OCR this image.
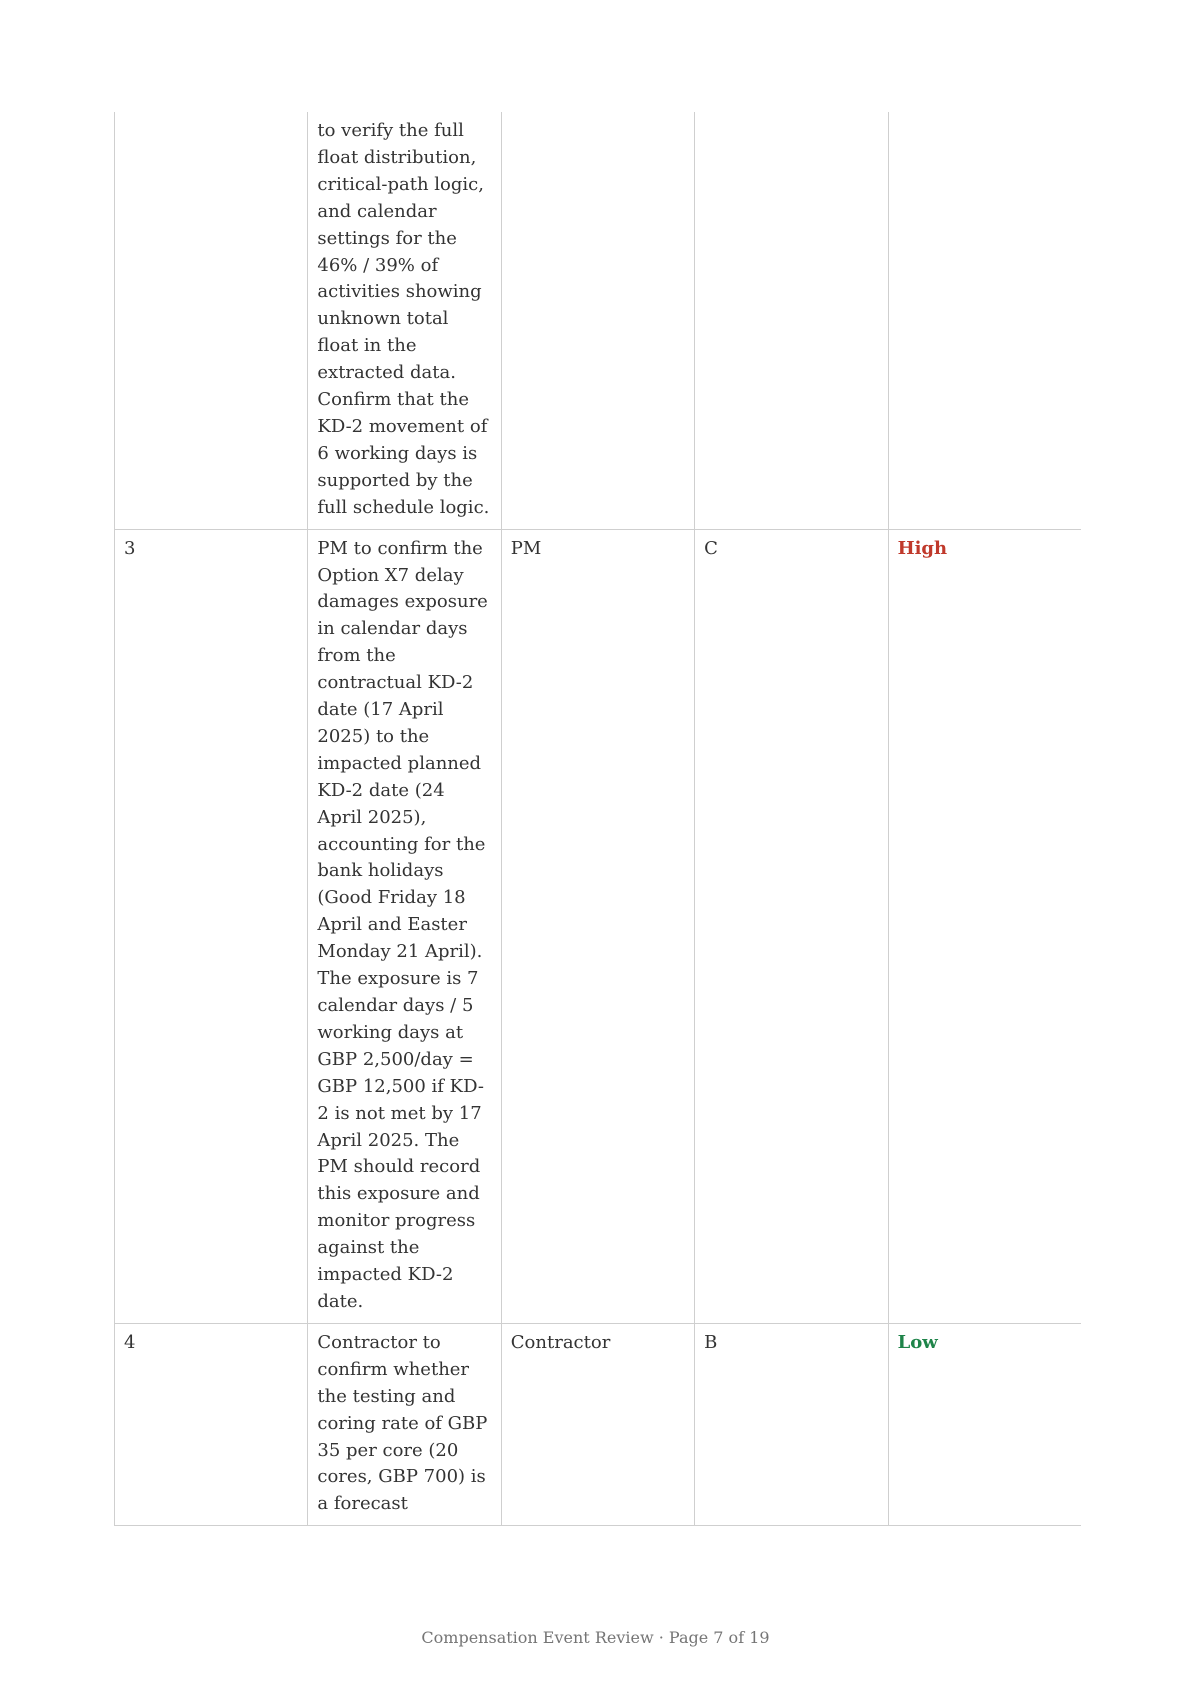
	to verify the full float distribution, critical-path logic, and calendar settings for the 46% / 39% of activities showing unknown total float in the extracted data. Confirm that the KD-2 movement of 6 working days is supported by the full schedule logic.			
3	PM to confirm the Option X7 delay damages exposure in calendar days from the contractual KD-2 date (17 April 2025) to the impacted planned KD-2 date (24 April 2025), accounting for the bank holidays (Good Friday 18 April and Easter Monday 21 April). The exposure is 7 calendar days / 5 working days at GBP 2,500/day = GBP 12,500 if KD-2 is not met by 17 April 2025. The PM should record this exposure and monitor progress against the impacted KD-2 date.	PM	C	High
4	Contractor to confirm whether the testing and coring rate of GBP 35 per core (20 cores, GBP 700) is a forecast	Contractor	B	Low
Compensation Event Review · Page 7 of 19
